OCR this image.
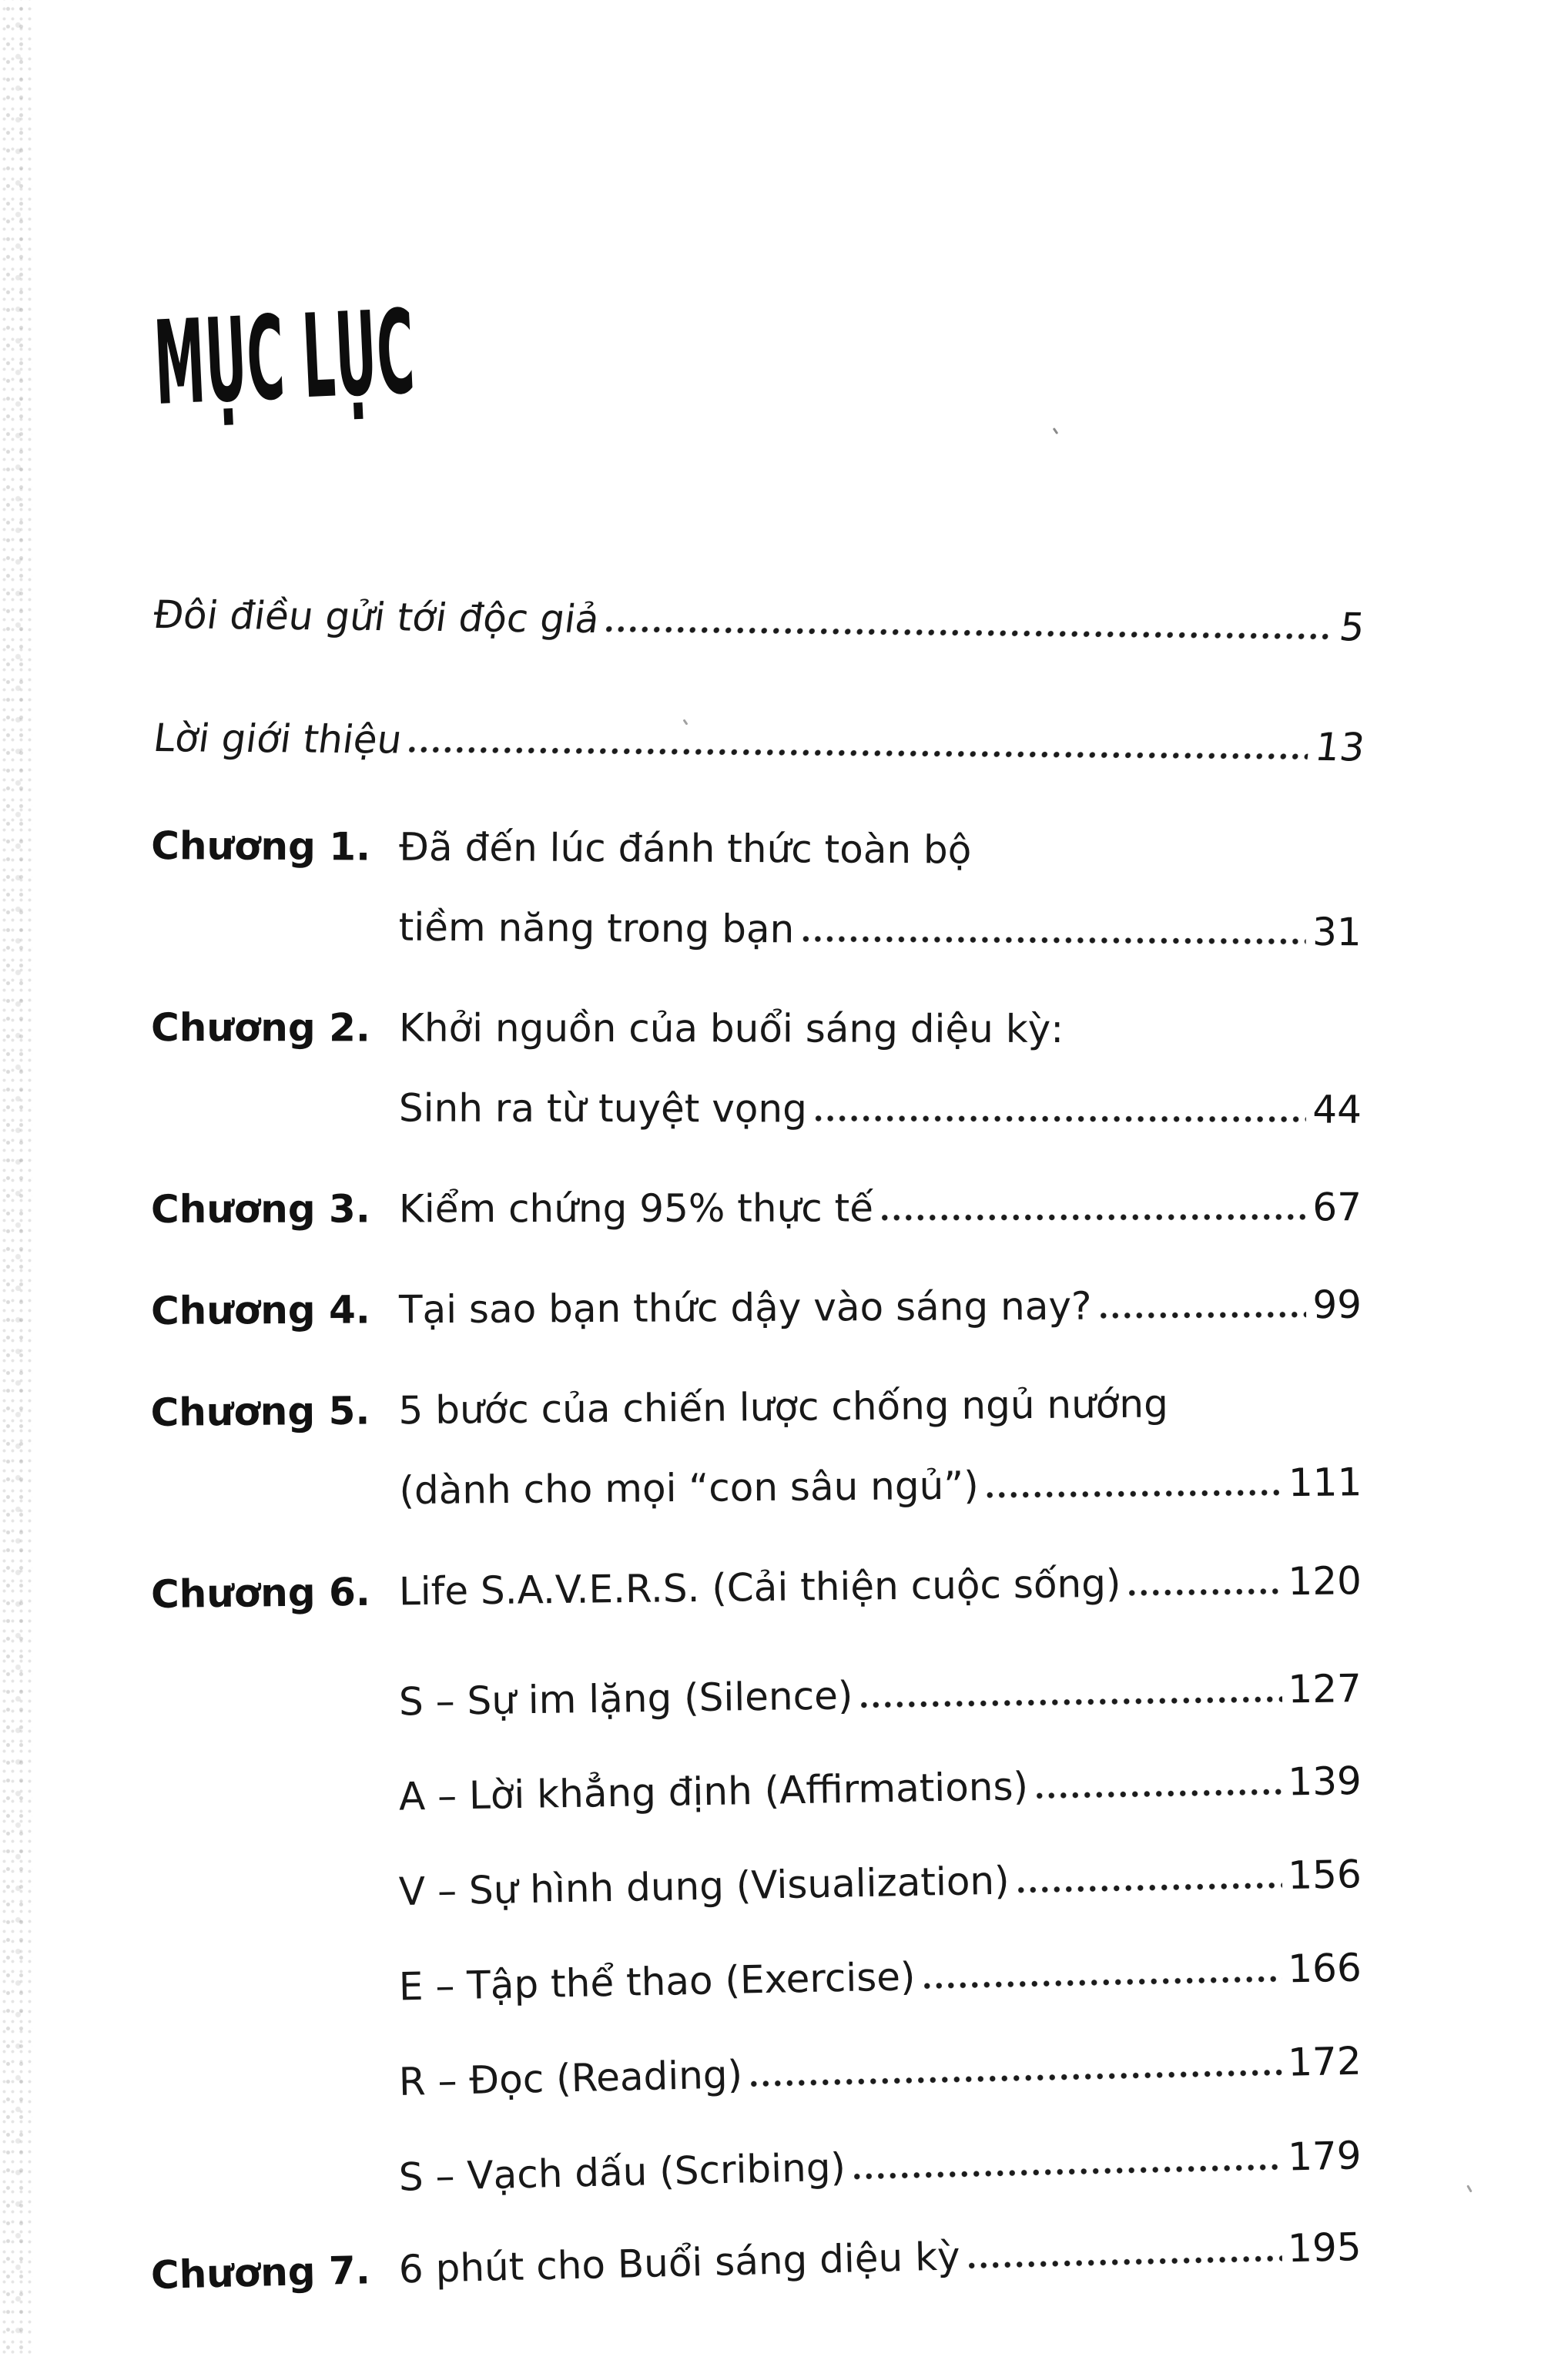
MỤC LỤC
Đôi điều gửi tới độc giả	5
Lời giới thiệu	13
Chương 1. Đã đến lúc đánh thức toàn bộ
tiềm năng trong bạn	31
Chương 2. Khởi nguồn của buổi sáng diệu kỳ:
Sinh ra từ tuyệt vọng	44
Chương 3. Kiểm chứng 95% thực tế	67
Chương 4. Tại sao bạn thức dậy vào sáng nay?	99
Chương 5. 5 bước của chiến lược chống ngủ nướng
(dành cho mọi “con sâu ngủ”)	111
Chương 6. Life S.A.V.E.R.S. (Cải thiện cuộc sống)	120
S – Sự im lặng (Silence)	127
A – Lời khẳng định (Affirmations)	139
V – Sự hình dung (Visualization)	156
E – Tập thể thao (Exercise)	166
R – Đọc (Reading)	172
S – Vạch dấu (Scribing)	179
Chương 7. 6 phút cho Buổi sáng diệu kỳ	195
